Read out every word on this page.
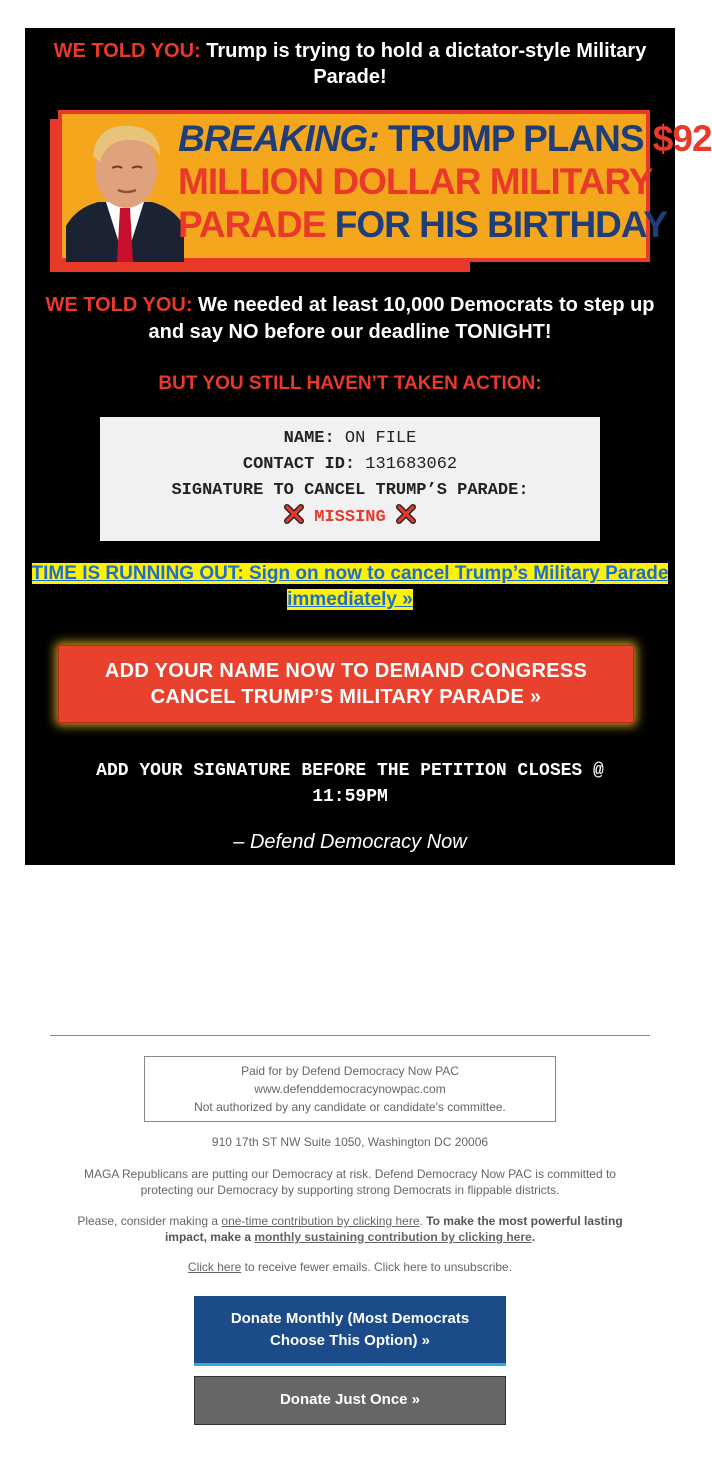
WE TOLD YOU: Trump is trying to hold a dictator-style Military Parade!
BREAKING: TRUMP PLANS $92
MILLION DOLLAR MILITARY
PARADE FOR HIS BIRTHDAY
WE TOLD YOU: We needed at least 10,000 Democrats to step up and say NO before our deadline TONIGHT!
BUT YOU STILL HAVEN’T TAKEN ACTION:
NAME: ON FILE
CONTACT ID: 131683062
SIGNATURE TO CANCEL TRUMP’S PARADE:
MISSING
TIME IS RUNNING OUT: Sign on now to cancel Trump’s Military Parade immediately »
ADD YOUR NAME NOW TO DEMAND CONGRESS
CANCEL TRUMP’S MILITARY PARADE »
ADD YOUR SIGNATURE BEFORE THE PETITION CLOSES @ 11:59PM
– Defend Democracy Now
Paid for by Defend Democracy Now PAC
www.defenddemocracynowpac.com
Not authorized by any candidate or candidate's committee.
910 17th ST NW Suite 1050, Washington DC 20006
MAGA Republicans are putting our Democracy at risk. Defend Democracy Now PAC is committed to protecting our Democracy by supporting strong Democrats in flippable districts.
Please, consider making a one-time contribution by clicking here. To make the most powerful lasting impact, make a monthly sustaining contribution by clicking here.
Click here to receive fewer emails. Click here to unsubscribe.
Donate Monthly (Most Democrats
Choose This Option) »
Donate Just Once »
